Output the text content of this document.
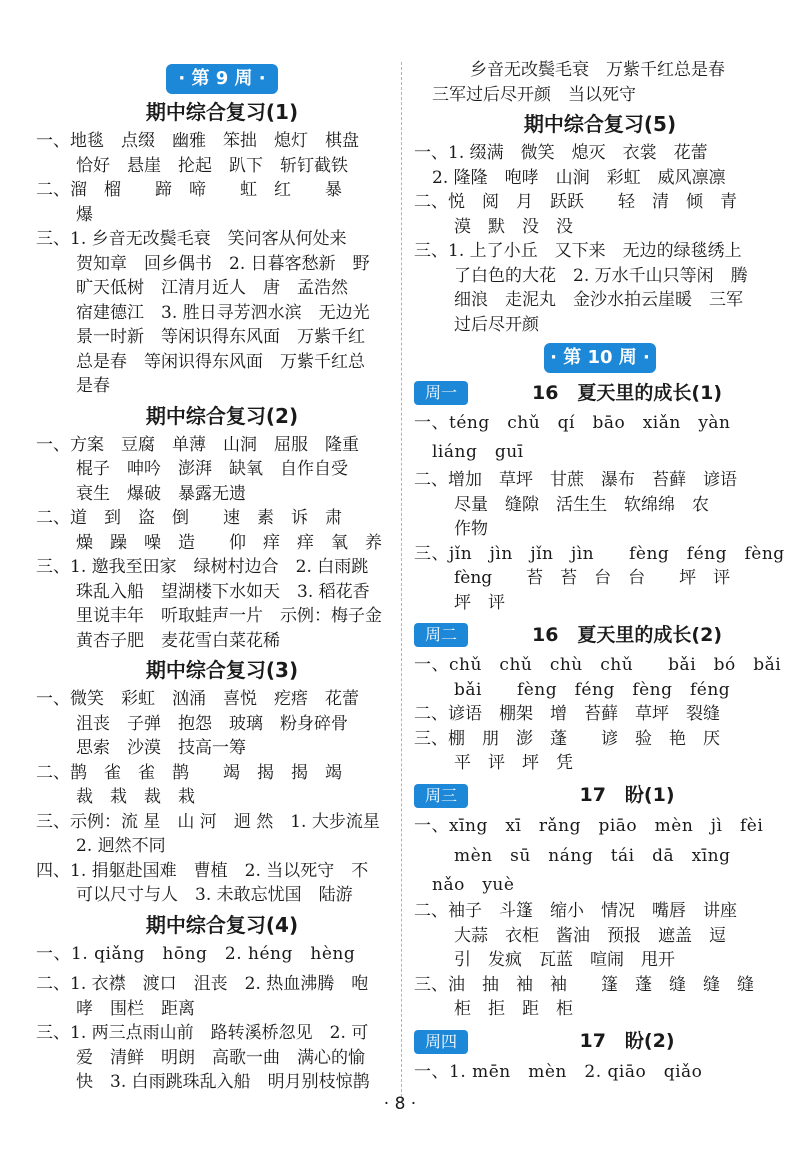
· 第 9 周 ·
期中综合复习(1)
一、地毯　点缀　幽雅　笨拙　熄灯　棋盘
恰好　悬崖　抡起　趴下　斩钉截铁
二、溜　榴　　蹄　啼　　虹　红　　暴
爆
三、1. 乡音无改鬓毛衰　笑问客从何处来
贺知章　回乡偶书　2. 日暮客愁新　野
旷天低树　江清月近人　唐　孟浩然
宿建德江　3. 胜日寻芳泗水滨　无边光
景一时新　等闲识得东风面　万紫千红
总是春　等闲识得东风面　万紫千红总
是春
期中综合复习(2)
一、方案　豆腐　单薄　山洞　屈服　隆重
棍子　呻吟　澎湃　缺氧　自作自受
衰生　爆破　暴露无遗
二、道　到　盗　倒　　速　素　诉　肃
燥　躁　噪　造　　仰　痒　痒　氧　养
三、1. 邀我至田家　绿树村边合　2. 白雨跳
珠乱入船　望湖楼下水如天　3. 稻花香
里说丰年　听取蛙声一片　示例：梅子金
黄杏子肥　麦花雪白菜花稀
期中综合复习(3)
一、微笑　彩虹　汹涌　喜悦　疙瘩　花蕾
沮丧　子弹　抱怨　玻璃　粉身碎骨
思索　沙漠　技高一筹
二、鹊　雀　雀　鹊　　竭　揭　揭　竭
裁　栽　裁　栽
三、示例：流 星　山 河　迥 然　1. 大步流星
2. 迥然不同
四、1. 捐躯赴国难　曹植　2. 当以死守　不
可以尺寸与人　3. 未敢忘忧国　陆游
期中综合复习(4)
一、1. qiǎng　hōng　2. héng　hèng
二、1. 衣襟　渡口　沮丧　2. 热血沸腾　咆
哮　围栏　距离
三、1. 两三点雨山前　路转溪桥忽见　2. 可
爱　清鲜　明朗　高歌一曲　满心的愉
快　3. 白雨跳珠乱入船　明月别枝惊鹊
乡音无改鬓毛衰　万紫千红总是春
三军过后尽开颜　当以死守
期中综合复习(5)
一、1. 缀满　微笑　熄灭　衣裳　花蕾
2. 隆隆　咆哮　山涧　彩虹　威风凛凛
二、悦　阅　月　跃跃　　轻　清　倾　青
漠　默　没　没
三、1. 上了小丘　又下来　无边的绿毯绣上
了白色的大花　2. 万水千山只等闲　腾
细浪　走泥丸　金沙水拍云崖暖　三军
过后尽开颜
· 第 10 周 ·
周一	16　夏天里的成长(1)
一、téng　chǔ　qí　bāo　xiǎn　yàn
liáng　guī
二、增加　草坪　甘蔗　瀑布　苔藓　谚语
尽量　缝隙　活生生　软绵绵　农
作物
三、jǐn　jìn　jǐn　jìn　　fèng　féng　fèng
fèng　　苔　苔　台　台　　坪　评
坪　评
周二	16　夏天里的成长(2)
一、chǔ　chǔ　chù　chǔ　　bǎi　bó　bǎi
bǎi　　fèng　féng　fèng　féng
二、谚语　棚架　增　苔藓　草坪　裂缝
三、棚　朋　澎　蓬　　谚　验　艳　厌
平　评　坪　凭
周三	17　盼(1)
一、xīng　xī　rǎng　piāo　mèn　jì　fèi
mèn　sū　náng　tái　dā　xīng
nǎo　yuè
二、袖子　斗篷　缩小　情况　嘴唇　讲座
大蒜　衣柜　酱油　预报　遮盖　逗
引　发疯　瓦蓝　喧闹　甩开
三、油　抽　袖　袖　　篷　蓬　缝　缝　缝
柜　拒　距　柜
周四	17　盼(2)
一、1. mēn　mèn　2. qiāo　qiǎo
· 8 ·
